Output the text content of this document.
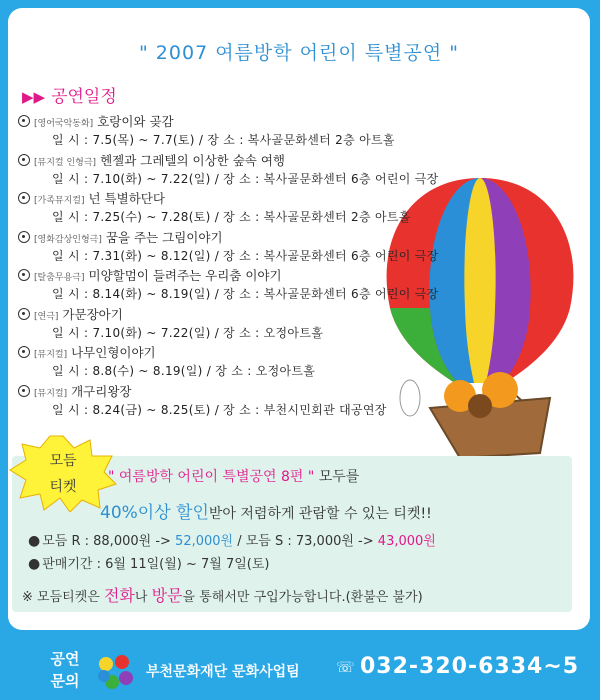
" 2007 여름방학 어린이 특별공연 "
▶▶ 공연일정
[영어국악동화] 호랑이와 곶감
일 시 : 7.5(목) ~ 7.7(토) / 장 소 : 복사골문화센터 2층 아트홀
[뮤지컬 인형극] 헨젤과 그레텔의 이상한 숲속 여행
일 시 : 7.10(화) ~ 7.22(일) / 장 소 : 복사골문화센터 6층 어린이 극장
[가족뮤지컬] 넌 특별하단다
일 시 : 7.25(수) ~ 7.28(토) / 장 소 : 복사골문화센터 2층 아트홀
[영화감상인형극] 꿈을 주는 그림이야기
일 시 : 7.31(화) ~ 8.12(일) / 장 소 : 복사골문화센터 6층 어린이 극장
[탈춤무용극] 미양할멈이 들려주는 우리춤 이야기
일 시 : 8.14(화) ~ 8.19(일) / 장 소 : 복사골문화센터 6층 어린이 극장
[연극] 가문장아기
일 시 : 7.10(화) ~ 7.22(일) / 장 소 : 오정아트홀
[뮤지컬] 나무인형이야기
일 시 : 8.8(수) ~ 8.19(일) / 장 소 : 오정아트홀
[뮤지컬] 개구리왕장
일 시 : 8.24(금) ~ 8.25(토) / 장 소 : 부천시민회관 대공연장
모듬
티켓
" 여름방학 어린이 특별공연 8편 " 모두를
40%이상 할인받아 저렴하게 관람할 수 있는 티켓!!
● 모듬 R : 88,000원 -> 52,000원 / 모듬 S : 73,000원 -> 43,000원
● 판매기간 : 6월 11일(월) ~ 7월 7일(토)
※ 모듬티켓은 전화나 방문을 통해서만 구입가능합니다.(환불은 불가)
공연
문의	부천문화재단 문화사업팀 ☏ 032-320-6334~5
